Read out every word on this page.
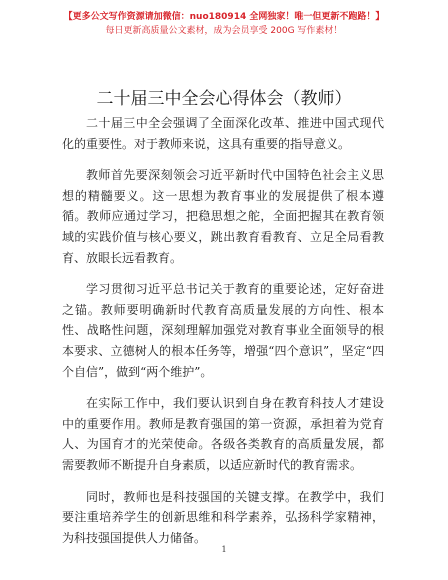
【更多公文写作资源请加微信：nuo180914 全网独家！唯一但更新不跑路！】
每日更新高质量公文素材，成为会员享受 200G 写作素材！
二十届三中全会心得体会（教师）

二十届三中全会强调了全面深化改革、推进中国式现代化的重要性。对于教师来说，这具有重要的指导意义。

教师首先要深刻领会习近平新时代中国特色社会主义思想的精髓要义。这一思想为教育事业的发展提供了根本遵循。教师应通过学习，把稳思想之舵，全面把握其在教育领域的实践价值与核心要义，跳出教育看教育、立足全局看教育、放眼长远看教育。

学习贯彻习近平总书记关于教育的重要论述，定好奋进之锚。教师要明确新时代教育高质量发展的方向性、根本性、战略性问题，深刻理解加强党对教育事业全面领导的根本要求、立德树人的根本任务等，增强“四个意识”，坚定“四个自信”，做到“两个维护”。

在实际工作中，我们要认识到自身在教育科技人才建设中的重要作用。教师是教育强国的第一资源，承担着为党育人、为国育才的光荣使命。各级各类教育的高质量发展，都需要教师不断提升自身素质，以适应新时代的教育需求。

同时，教师也是科技强国的关键支撑。在教学中，我们要注重培养学生的创新思维和科学素养，弘扬科学家精神，为科技强国提供人力储备。

1
